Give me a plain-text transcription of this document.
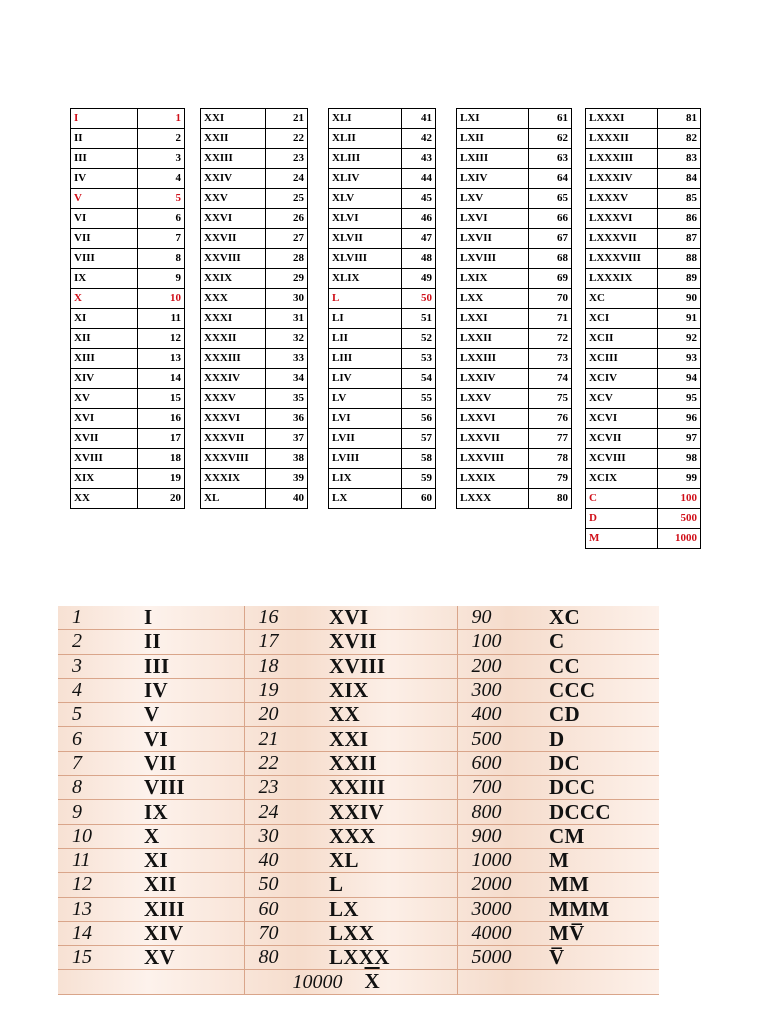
I	1
II	2
III	3
IV	4
V	5
VI	6
VII	7
VIII	8
IX	9
X	10
XI	11
XII	12
XIII	13
XIV	14
XV	15
XVI	16
XVII	17
XVIII	18
XIX	19
XX	20
XXI	21
XXII	22
XXIII	23
XXIV	24
XXV	25
XXVI	26
XXVII	27
XXVIII	28
XXIX	29
XXX	30
XXXI	31
XXXII	32
XXXIII	33
XXXIV	34
XXXV	35
XXXVI	36
XXXVII	37
XXXVIII	38
XXXIX	39
XL	40
XLI	41
XLII	42
XLIII	43
XLIV	44
XLV	45
XLVI	46
XLVII	47
XLVIII	48
XLIX	49
L	50
LI	51
LII	52
LIII	53
LIV	54
LV	55
LVI	56
LVII	57
LVIII	58
LIX	59
LX	60
LXI	61
LXII	62
LXIII	63
LXIV	64
LXV	65
LXVI	66
LXVII	67
LXVIII	68
LXIX	69
LXX	70
LXXI	71
LXXII	72
LXXIII	73
LXXIV	74
LXXV	75
LXXVI	76
LXXVII	77
LXXVIII	78
LXXIX	79
LXXX	80
LXXXI	81
LXXXII	82
LXXXIII	83
LXXXIV	84
LXXXV	85
LXXXVI	86
LXXXVII	87
LXXXVIII	88
LXXXIX	89
XC	90
XCI	91
XCII	92
XCIII	93
XCIV	94
XCV	95
XCVI	96
XCVII	97
XCVIII	98
XCIX	99
C	100
D	500
M	1000
1	I	16	XVI	90	XC
2	II	17	XVII	100	C
3	III	18	XVIII	200	CC
4	IV	19	XIX	300	CCC
5	V	20	XX	400	CD
6	VI	21	XXI	500	D
7	VII	22	XXII	600	DC
8	VIII	23	XXIII	700	DCC
9	IX	24	XXIV	800	DCCC
10	X	30	XXX	900	CM
11	XI	40	XL	1000	M
12	XII	50	L	2000	MM
13	XIII	60	LX	3000	MMM
14	XIV	70	LXX	4000	MV̅
15	XV	80	LXXX	5000	V̅
		10000 $\overline{X}$	
